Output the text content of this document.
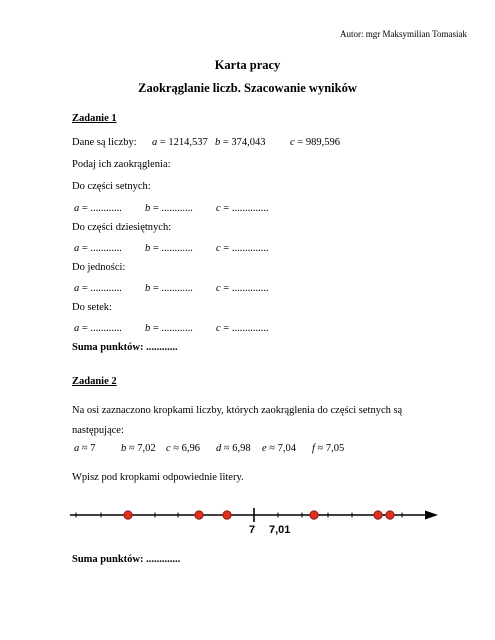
Autor: mgr Maksymilian Tomasiak
Karta pracy
Zaokrąglanie liczb. Szacowanie wyników
Zadanie 1
Dane są liczby: a = 1214,537 b = 374,043 c = 989,596
Podaj ich zaokrąglenia:
Do części setnych:
a = ............ b = ............ c = ..............
Do części dziesiętnych:
a = ............ b = ............ c = ..............
Do jedności:
a = ............ b = ............ c = ..............
Do setek:
a = ............ b = ............ c = ..............
Suma punktów: ............
Zadanie 2
Na osi zaznaczono kropkami liczby, których zaokrąglenia do części setnych są
następujące:
a ≈ 7 b ≈ 7,02 c ≈ 6,96 d ≈ 6,98 e ≈ 7,04 f ≈ 7,05
Wpisz pod kropkami odpowiednie litery.
7 7,01
Suma punktów: .............
